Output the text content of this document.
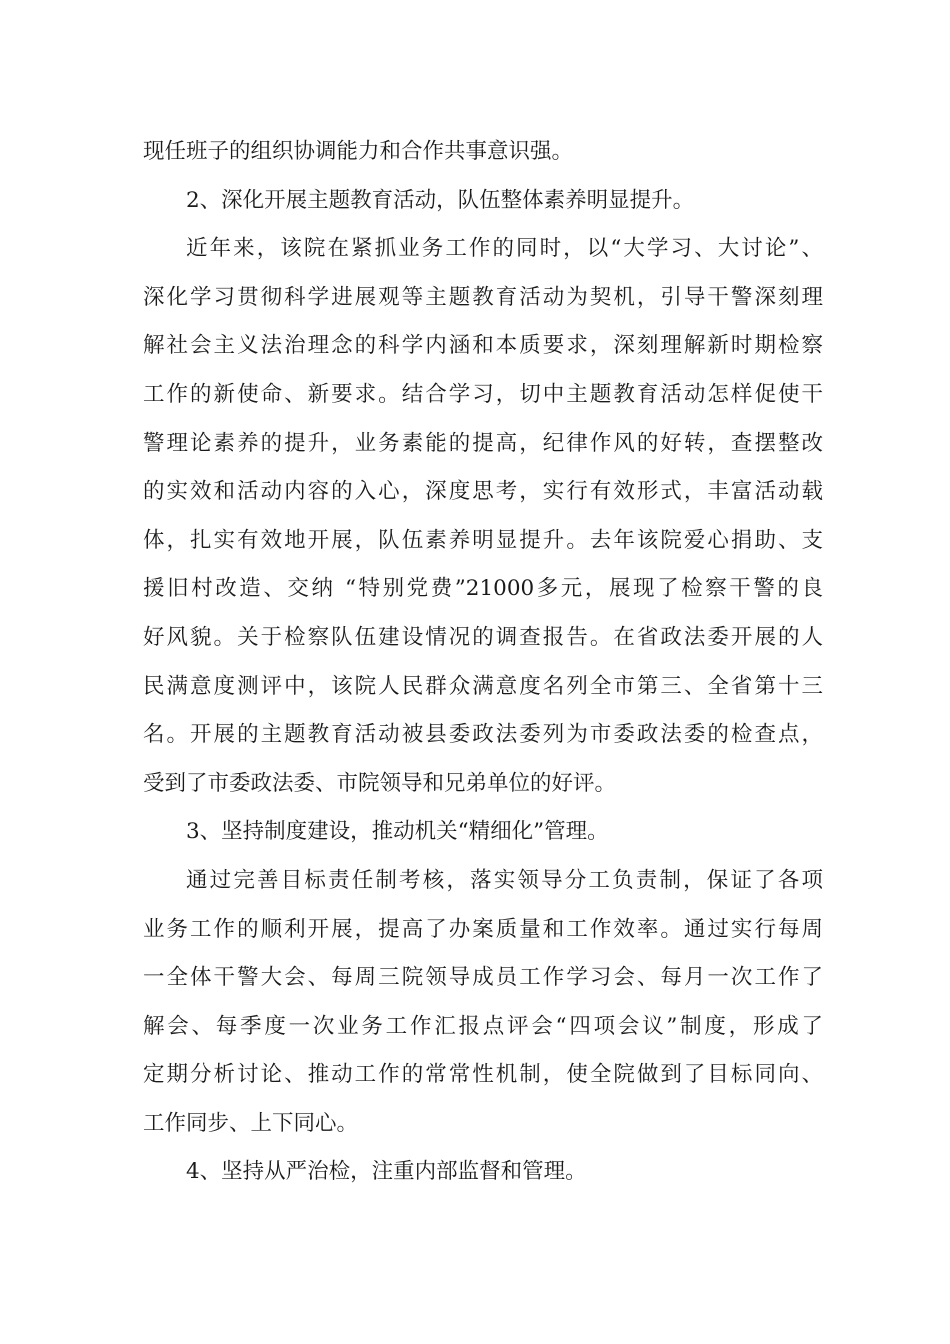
现任班子的组织协调能力和合作共事意识强。
2、深化开展主题教育活动，队伍整体素养明显提升。
近年来，该院在紧抓业务工作的同时，以“大学习、大讨论”、
深化学习贯彻科学进展观等主题教育活动为契机，引导干警深刻理
解社会主义法治理念的科学内涵和本质要求，深刻理解新时期检察
工作的新使命、新要求。结合学习，切中主题教育活动怎样促使干
警理论素养的提升，业务素能的提高，纪律作风的好转，查摆整改
的实效和活动内容的入心，深度思考，实行有效形式，丰富活动载
体，扎实有效地开展，队伍素养明显提升。去年该院爱心捐助、支
援旧村改造、交纳 “特别党费”21000多元，展现了检察干警的良
好风貌。关于检察队伍建设情况的调查报告。在省政法委开展的人
民满意度测评中，该院人民群众满意度名列全市第三、全省第十三
名。开展的主题教育活动被县委政法委列为市委政法委的检查点，
受到了市委政法委、市院领导和兄弟单位的好评。
3、坚持制度建设，推动机关“精细化”管理。
通过完善目标责任制考核，落实领导分工负责制，保证了各项
业务工作的顺利开展，提高了办案质量和工作效率。通过实行每周
一全体干警大会、每周三院领导成员工作学习会、每月一次工作了
解会、每季度一次业务工作汇报点评会“四项会议”制度，形成了
定期分析讨论、推动工作的常常性机制，使全院做到了目标同向、
工作同步、上下同心。
4、坚持从严治检，注重内部监督和管理。
